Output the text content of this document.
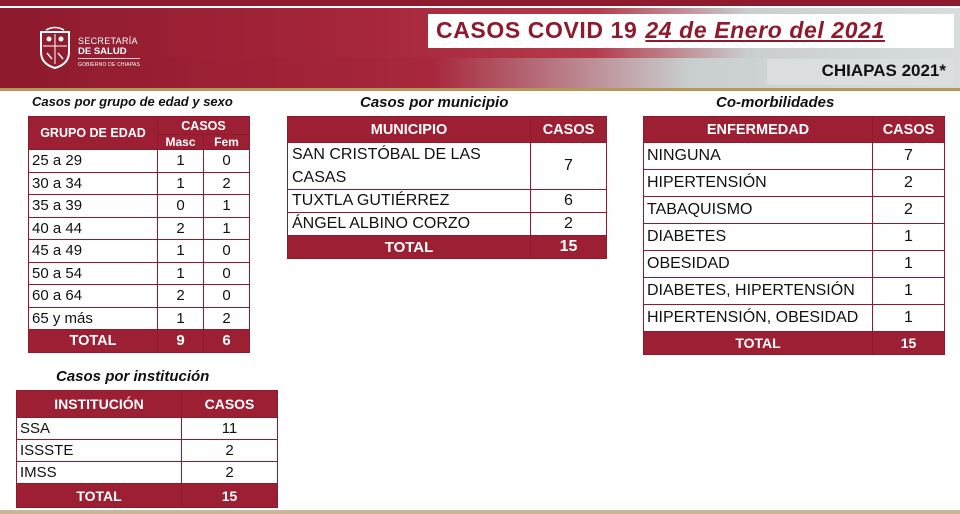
SECRETARÍA
DE SALUD
GOBIERNO DE CHIAPAS
CASOS COVID 19 24 de Enero del 2021
CHIAPAS 2021*
Casos por grupo de edad y sexo
GRUPO DE EDAD	CASOS	
	Masc	Fem
25 a 29	1	0
30 a 34	1	2
35 a 39	0	1
40 a 44	2	1
45 a 49	1	0
50 a 54	1	0
60 a 64	2	0
65 y más	1	2
TOTAL	9	6
Casos por municipio
MUNICIPIO	CASOS
SAN CRISTÓBAL DE LAS CASAS	7
TUXTLA GUTIÉRREZ	6
ÁNGEL ALBINO CORZO	2
TOTAL	15
Co-morbilidades
ENFERMEDAD	CASOS
NINGUNA	7
HIPERTENSIÓN	2
TABAQUISMO	2
DIABETES	1
OBESIDAD	1
DIABETES, HIPERTENSIÓN	1
HIPERTENSIÓN, OBESIDAD	1
TOTAL	15
Casos por institución
INSTITUCIÓN	CASOS
SSA	11
ISSSTE	2
IMSS	2
TOTAL	15
